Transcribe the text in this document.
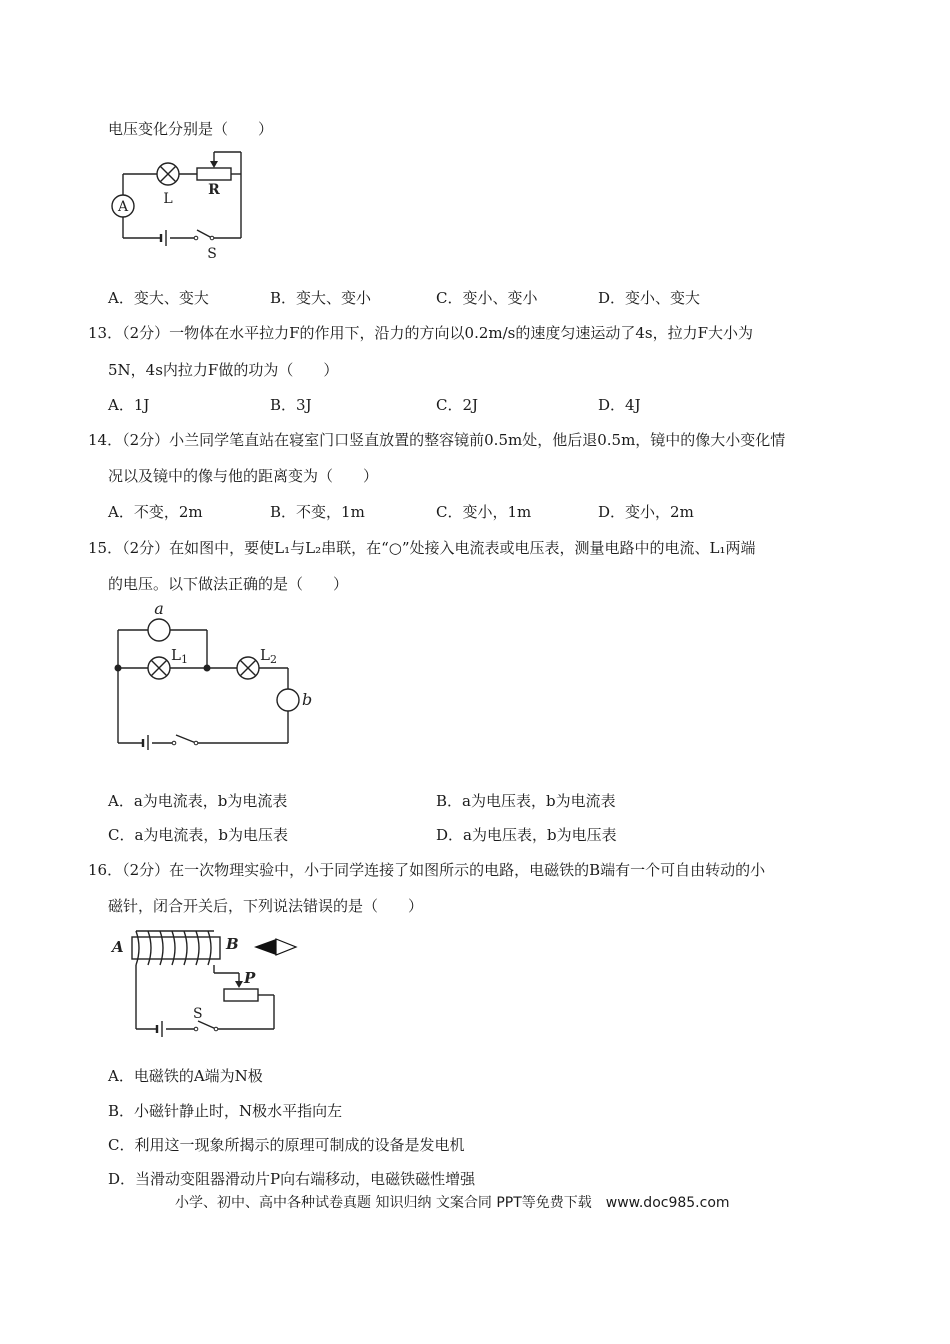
电压变化分别是（　　）
A	L
R
S
A．变大、变大	B．变大、变小	C．变小、变小	D．变小、变大
13．（2分）一物体在水平拉力F的作用下，沿力的方向以0.2m/s的速度匀速运动了4s，拉力F大小为
5N，4s内拉力F做的功为（　　）
A．1J	B．3J	C．2J	D．4J
14．（2分）小兰同学笔直站在寝室门口竖直放置的整容镜前0.5m处，他后退0.5m，镜中的像大小变化情
况以及镜中的像与他的距离变为（　　）
A．不变，2m	B．不变，1m	C．变小，1m	D．变小，2m
15．（2分）在如图中，要使L₁与L₂串联，在“○”处接入电流表或电压表，测量电路中的电流、L₁两端
的电压。以下做法正确的是（　　）
a
b
$L_1$	$L_2$
A．a为电流表，b为电流表	B．a为电压表，b为电流表
C．a为电流表，b为电压表	D．a为电压表，b为电压表
16．（2分）在一次物理实验中，小于同学连接了如图所示的电路，电磁铁的B端有一个可自由转动的小
磁针，闭合开关后，下列说法错误的是（　　）
A	B
P
S
A．电磁铁的A端为N极
B．小磁针静止时，N极水平指向左
C．利用这一现象所揭示的原理可制成的设备是发电机
D．当滑动变阻器滑动片P向右端移动，电磁铁磁性增强
小学、初中、高中各种试卷真题 知识归纳 文案合同 PPT等免费下载　www.doc985.com
